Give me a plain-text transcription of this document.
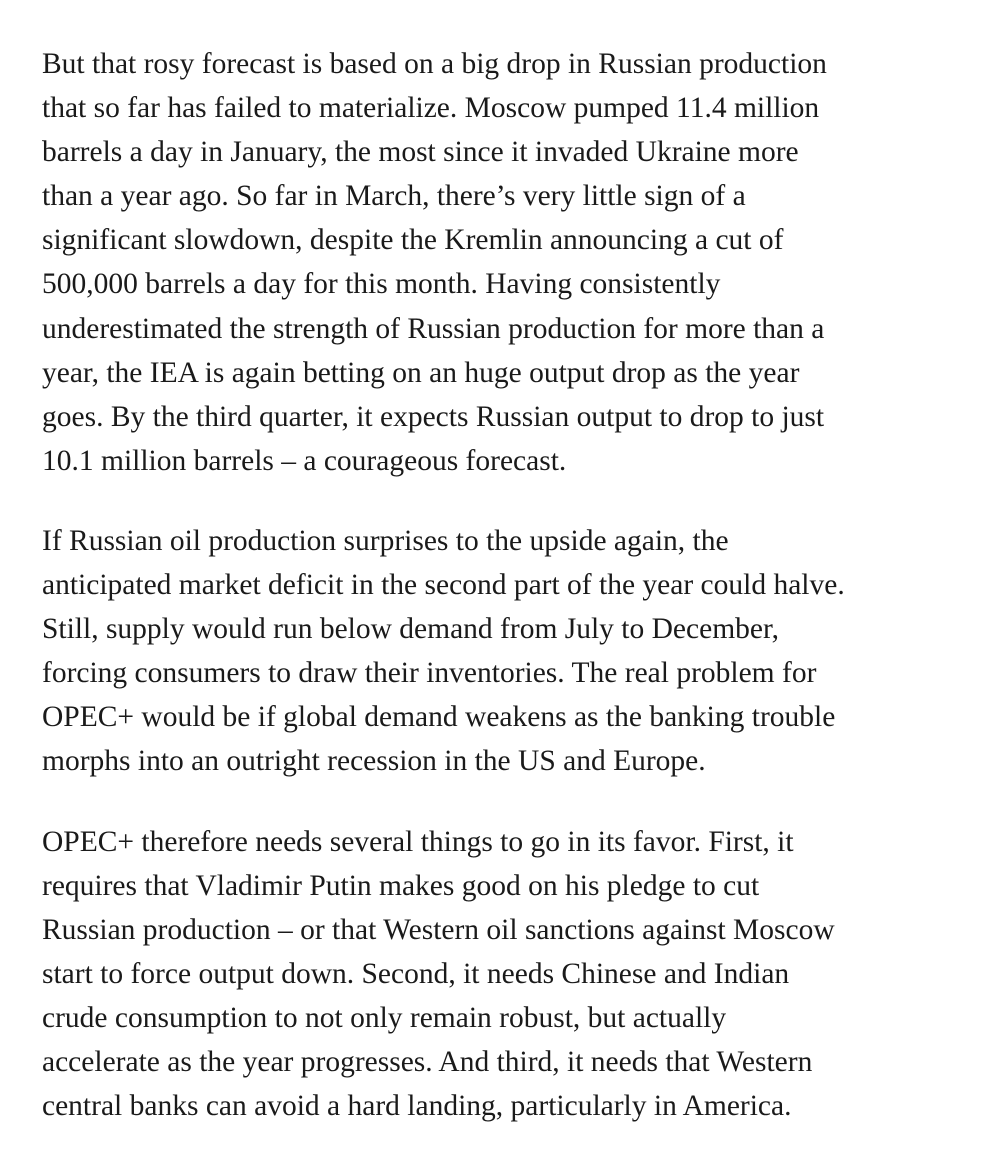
But that rosy forecast is based on a big drop in Russian production
that so far has failed to materialize. Moscow pumped 11.4 million
barrels a day in January, the most since it invaded Ukraine more
than a year ago. So far in March, there’s very little sign of a
significant slowdown, despite the Kremlin announcing a cut of
500,000 barrels a day for this month. Having consistently
underestimated the strength of Russian production for more than a
year, the IEA is again betting on an huge output drop as the year
goes. By the third quarter, it expects Russian output to drop to just
10.1 million barrels – a courageous forecast.

If Russian oil production surprises to the upside again, the
anticipated market deficit in the second part of the year could halve.
Still, supply would run below demand from July to December,
forcing consumers to draw their inventories. The real problem for
OPEC+ would be if global demand weakens as the banking trouble
morphs into an outright recession in the US and Europe.

OPEC+ therefore needs several things to go in its favor. First, it
requires that Vladimir Putin makes good on his pledge to cut
Russian production – or that Western oil sanctions against Moscow
start to force output down. Second, it needs Chinese and Indian
crude consumption to not only remain robust, but actually
accelerate as the year progresses. And third, it needs that Western
central banks can avoid a hard landing, particularly in America.
